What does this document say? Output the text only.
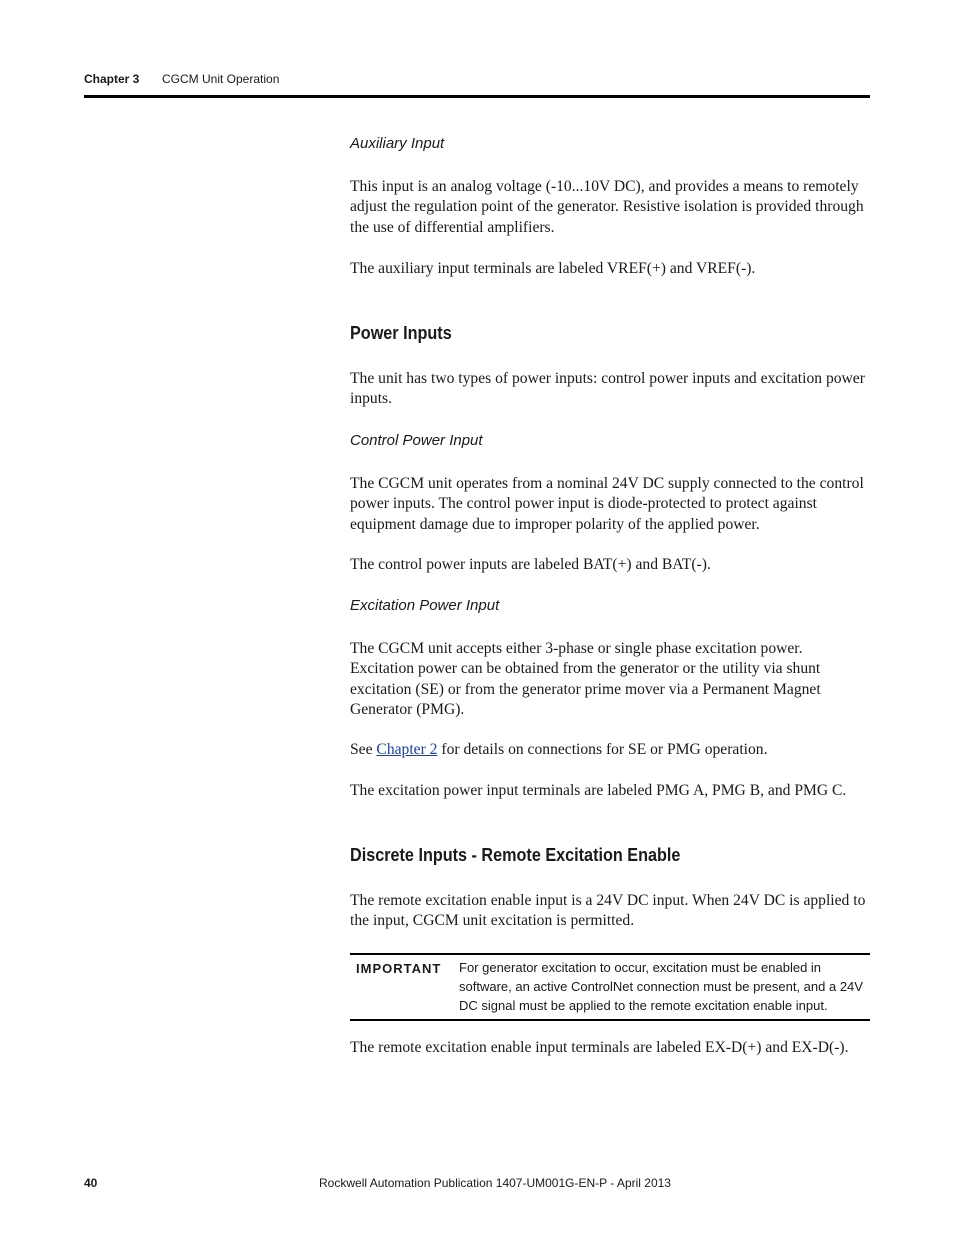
Chapter 3 CGCM Unit Operation

Auxiliary Input

This input is an analog voltage (-10...10V DC), and provides a means to remotely adjust the regulation point of the generator. Resistive isolation is provided through the use of differential amplifiers.

The auxiliary input terminals are labeled VREF(+) and VREF(-).

Power Inputs

The unit has two types of power inputs: control power inputs and excitation power inputs.

Control Power Input

The CGCM unit operates from a nominal 24V DC supply connected to the control power inputs. The control power input is diode-protected to protect against equipment damage due to improper polarity of the applied power.

The control power inputs are labeled BAT(+) and BAT(-).

Excitation Power Input

The CGCM unit accepts either 3-phase or single phase excitation power. Excitation power can be obtained from the generator or the utility via shunt excitation (SE) or from the generator prime mover via a Permanent Magnet Generator (PMG).

See Chapter 2 for details on connections for SE or PMG operation.

The excitation power input terminals are labeled PMG A, PMG B, and PMG C.

Discrete Inputs - Remote Excitation Enable

The remote excitation enable input is a 24V DC input. When 24V DC is applied to the input, CGCM unit excitation is permitted.

IMPORTANT For generator excitation to occur, excitation must be enabled in software, an active ControlNet connection must be present, and a 24V DC signal must be applied to the remote excitation enable input.

The remote excitation enable input terminals are labeled EX-D(+) and EX-D(-).

40	Rockwell Automation Publication 1407-UM001G-EN-P - April 2013
